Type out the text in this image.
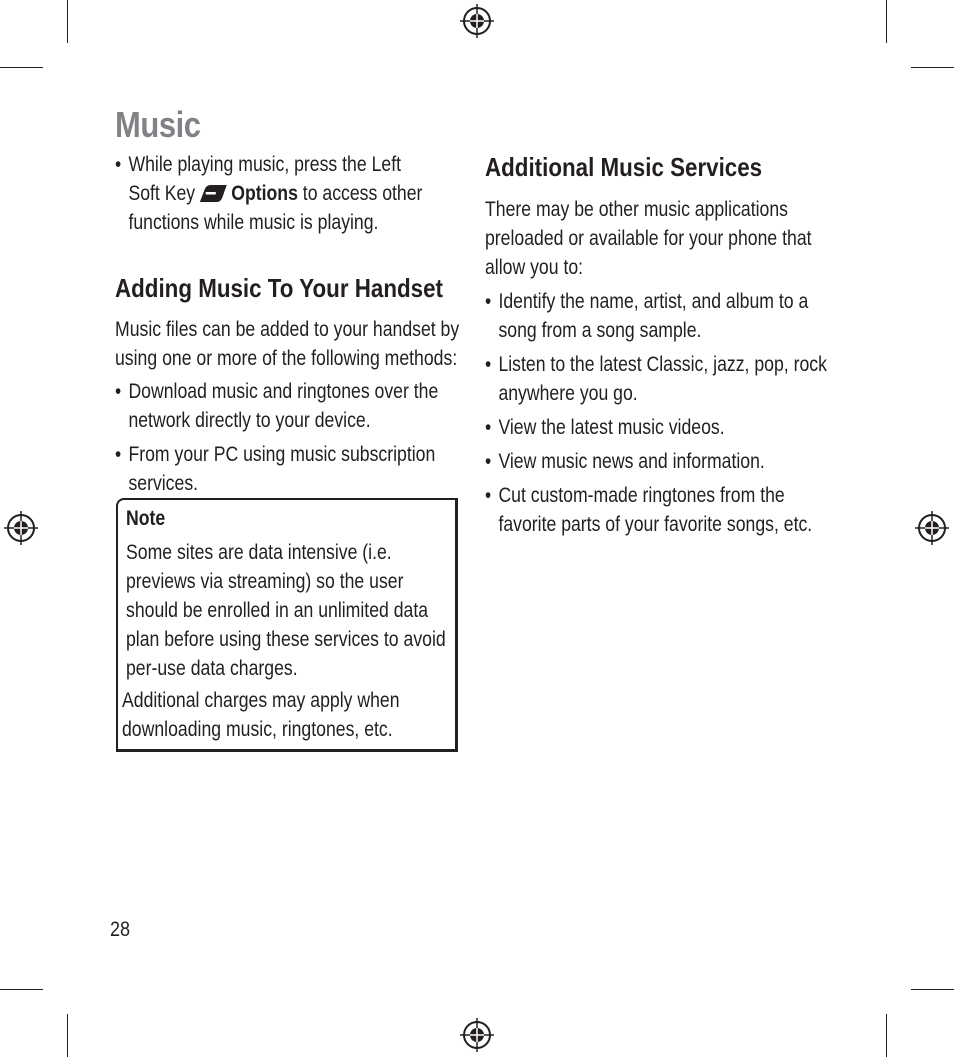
Music
• While playing music, press the Left
Soft Key Options to access other
functions while music is playing.
Adding Music To Your Handset
Music files can be added to your handset by
using one or more of the following methods:
• Download music and ringtones over the
network directly to your device.
• From your PC using music subscription
services.
Note
Some sites are data intensive (i.e.
previews via streaming) so the user
should be enrolled in an unlimited data
plan before using these services to avoid
per-use data charges.
Additional charges may apply when
downloading music, ringtones, etc.
Additional Music Services
There may be other music applications
preloaded or available for your phone that
allow you to:
• Identify the name, artist, and album to a
song from a song sample.
• Listen to the latest Classic, jazz, pop, rock
anywhere you go.
• View the latest music videos.
• View music news and information.
• Cut custom-made ringtones from the
favorite parts of your favorite songs, etc.
28
